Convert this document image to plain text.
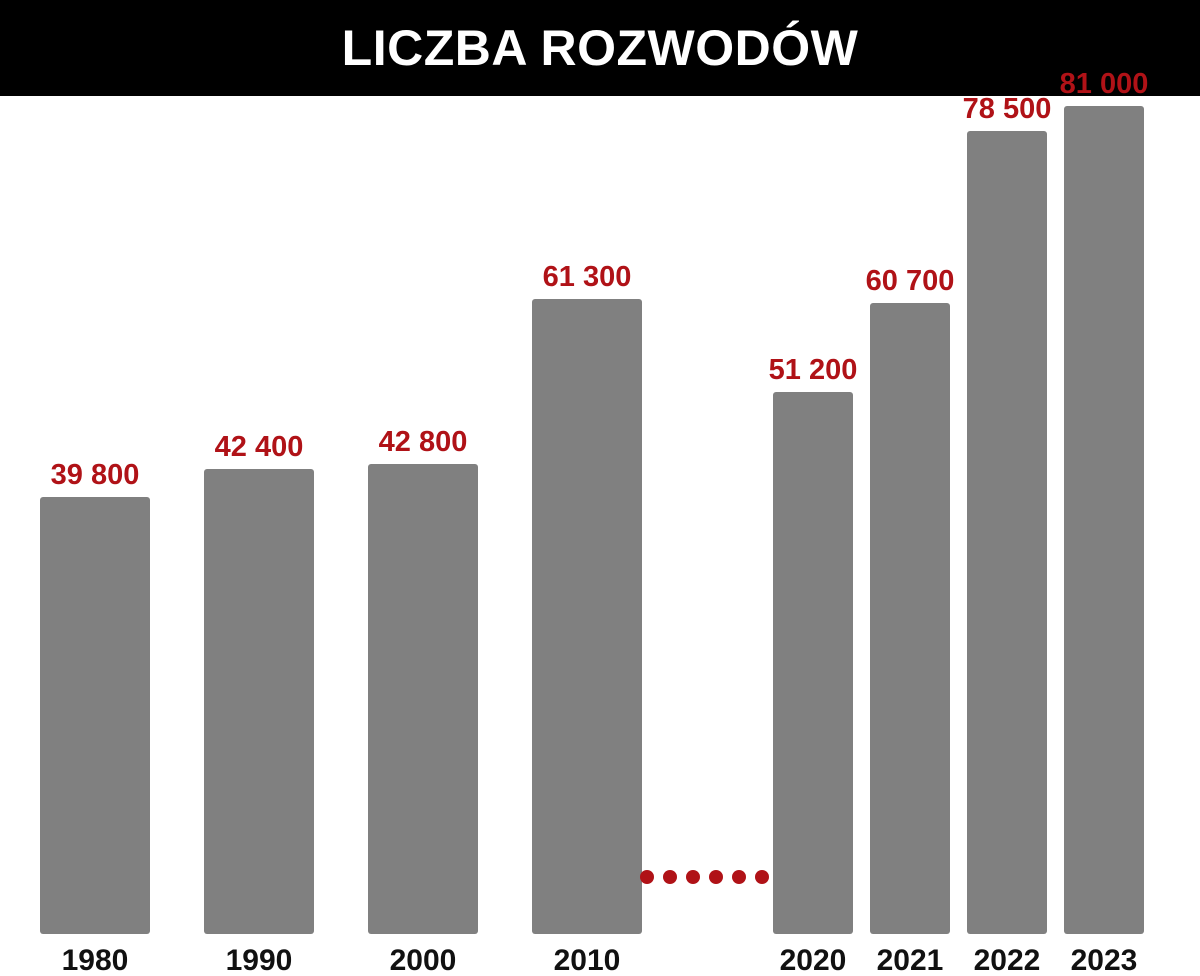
LICZBA ROZWODÓW
39 800
1980
42 400
1990
42 800
2000
61 300
2010
51 200
2020
60 700
2021
78 500
2022
81 000
2023
